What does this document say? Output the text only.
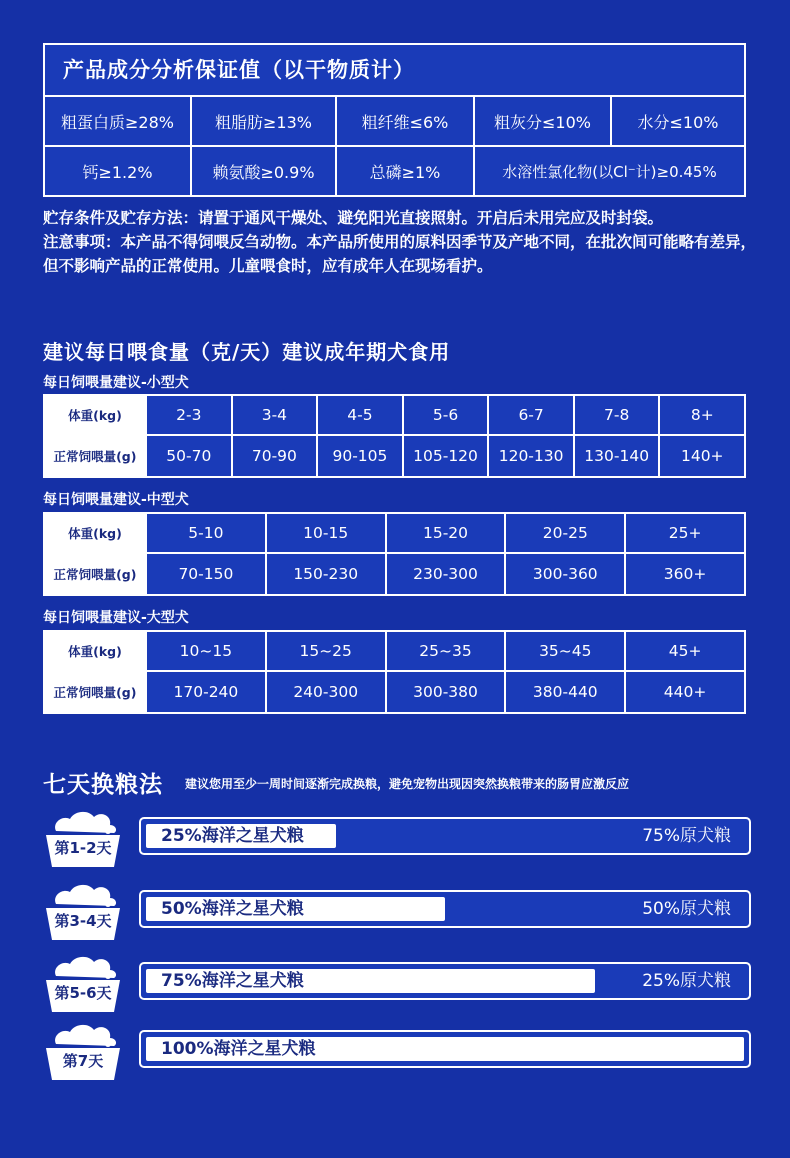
产品成分分析保证值（以干物质计）
粗蛋白质≥28%	粗脂肪≥13%	粗纤维≤6%	粗灰分≤10%	水分≤10%
钙≥1.2%	赖氨酸≥0.9%	总磷≥1%	水溶性氯化物(以Cl⁻计)≥0.45%
贮存条件及贮存方法：请置于通风干燥处、避免阳光直接照射。开启后未用完应及时封袋。
注意事项：本产品不得饲喂反刍动物。本产品所使用的原料因季节及产地不同，在批次间可能略有差异，但不影响产品的正常使用。儿童喂食时，应有成年人在现场看护。
建议每日喂食量（克/天）建议成年期犬食用
每日饲喂量建议-小型犬
体重(kg)	2-3	3-4	4-5	5-6	6-7	7-8	8+
正常 饲喂量(g)	50-70	70-90	90-105	105-120	120-130	130-140	140+
每日饲喂量建议-中型犬
体重(kg)	5-10	10-15	15-20	20-25	25+
正常 饲喂量(g)	70-150	150-230	230-300	300-360	360+
每日饲喂量建议-大型犬
体重(kg)	10~15	15~25	25~35	35~45	45+
正常 饲喂量(g)	170-240	240-300	300-380	380-440	440+
七天换粮法 建议您用至少一周时间逐渐完成换粮，避免宠物出现因突然换粮带来的肠胃应激反应
第1-2天
25%海洋之星犬粮	75%原犬粮
第3-4天
50%海洋之星犬粮	50%原犬粮
第5-6天
75%海洋之星犬粮	25%原犬粮
第7天
100%海洋之星犬粮
